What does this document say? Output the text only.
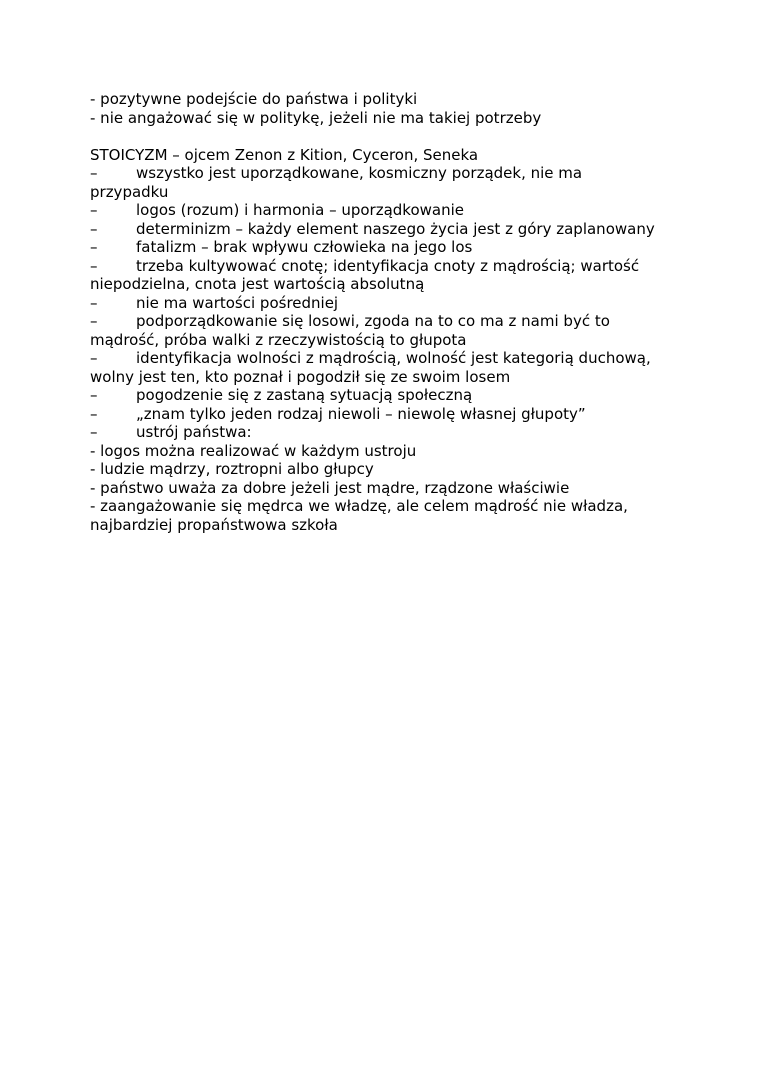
- pozytywne podejście do państwa i polityki
- nie angażować się w politykę, jeżeli nie ma takiej potrzeby
STOICYZM – ojcem Zenon z Kition, Cyceron, Seneka
–	wszystko jest uporządkowane, kosmiczny porządek, nie ma
przypadku
–	logos (rozum) i harmonia – uporządkowanie
–	determinizm – każdy element naszego życia jest z góry zaplanowany
–	fatalizm – brak wpływu człowieka na jego los
–	trzeba kultywować cnotę; identyfikacja cnoty z mądrością; wartość
niepodzielna, cnota jest wartością absolutną
–	nie ma wartości pośredniej
–	podporządkowanie się losowi, zgoda na to co ma z nami być to
mądrość, próba walki z rzeczywistością to głupota
–	identyfikacja wolności z mądrością, wolność jest kategorią duchową,
wolny jest ten, kto poznał i pogodził się ze swoim losem
–	pogodzenie się z zastaną sytuacją społeczną
–	„znam tylko jeden rodzaj niewoli – niewolę własnej głupoty”
–	ustrój państwa:
- logos można realizować w każdym ustroju
- ludzie mądrzy, roztropni albo głupcy
- państwo uważa za dobre jeżeli jest mądre, rządzone właściwie
- zaangażowanie się mędrca we władzę, ale celem mądrość nie władza,
najbardziej propaństwowa szkoła
